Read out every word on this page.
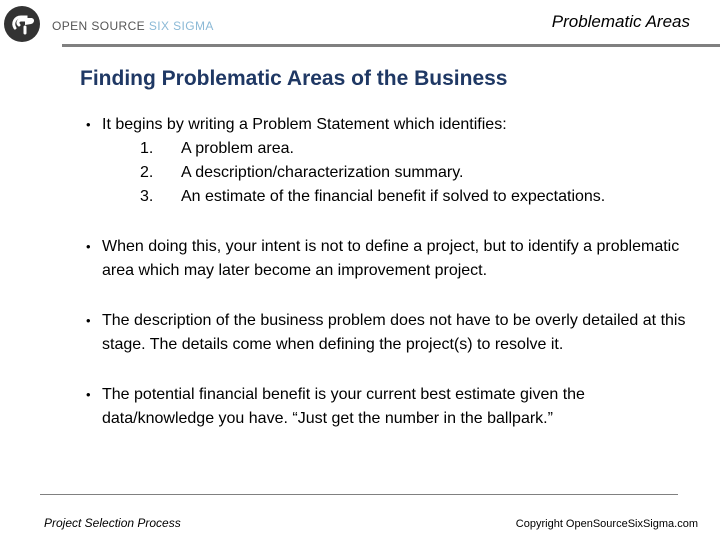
OPEN SOURCE SIX SIGMA	Problematic Areas
Finding Problematic Areas of the Business
• It begins by writing a Problem Statement which identifies:
1. A problem area.
2. A description/characterization summary.
3. An estimate of the financial benefit if solved to expectations.
• When doing this, your intent is not to define a project, but to identify a problematic area which may later become an improvement project.
• The description of the business problem does not have to be overly detailed at this stage. The details come when defining the project(s) to resolve it.
• The potential financial benefit is your current best estimate given the data/knowledge you have. “Just get the number in the ballpark.”
Project Selection Process	Copyright OpenSource​SixSigma.com
